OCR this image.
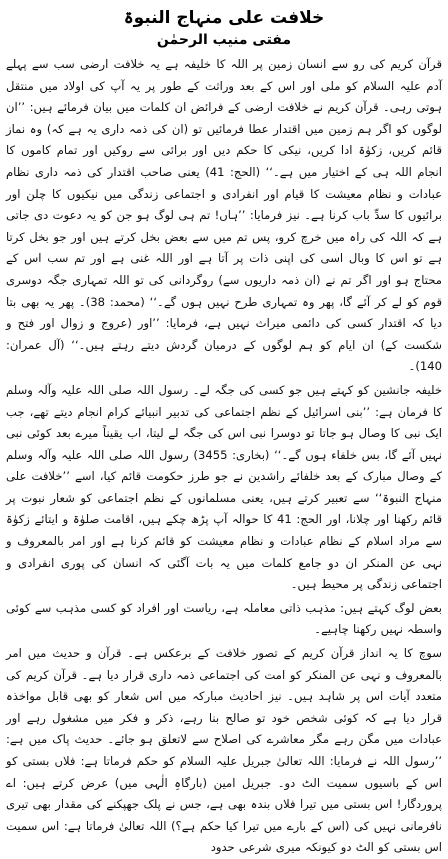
خلافت علی منہاج النبوۃ
مفتی منیب الرحمٰن

قرآن کریم کی رو سے انسان زمین پر اللہ کا خلیفہ ہے یہ خلافت ارضی سب سے پہلے آدم علیہ السلام کو ملی اور اس کے بعد وراثت کے طور پر یہ آپ کی اولاد میں منتقل ہوتی رہی۔ قرآن کریم نے خلافت ارضی کے فرائض ان کلمات میں بیان فرمائے ہیں: ’’ان لوگوں کو اگر ہم زمین میں اقتدار عطا فرمائیں تو (ان کی ذمہ داری یہ ہے کہ) وہ نماز قائم کریں، زکوٰۃ ادا کریں، نیکی کا حکم دیں اور برائی سے روکیں اور تمام کاموں کا انجام اللہ ہی کے اختیار میں ہے۔‘‘ (الحج: 41) یعنی صاحب اقتدار کی ذمہ داری نظام عبادات و نظام معیشت کا قیام اور انفرادی و اجتماعی زندگی میں نیکیوں کا چلن اور برائیوں کا سدِّ باب کرنا ہے۔ نیز فرمایا: ’’ہاں! تم ہی لوگ ہو جن کو یہ دعوت دی جاتی ہے کہ اللہ کی راہ میں خرچ کرو، پس تم میں سے بعض بخل کرتے ہیں اور جو بخل کرتا ہے تو اس کا وبال اسی کی اپنی ذات پر آتا ہے اور اللہ غنی ہے اور تم سب اس کے محتاج ہو اور اگر تم نے (ان ذمہ داریوں سے) روگردانی کی تو اللہ تمہاری جگہ دوسری قوم کو لے کر آئے گا، پھر وہ تمہاری طرح نہیں ہوں گے۔‘‘ (محمد: 38)۔ پھر یہ بھی بتا دیا کہ اقتدار کسی کی دائمی میراث نہیں ہے، فرمایا: ’’اور (عروج و زوال اور فتح و شکست کے) ان ایام کو ہم لوگوں کے درمیان گردش دیتے رہتے ہیں۔‘‘ (آل عمران: 140)۔

خلیفہ جانشین کو کہتے ہیں جو کسی کی جگہ لے۔ رسول اللہ صلی اللہ علیہ وآلہ وسلم کا فرمان ہے: ’’بنی اسرائیل کے نظم اجتماعی کی تدبیر انبیائے کرام انجام دیتے تھے، جب ایک نبی کا وصال ہو جاتا تو دوسرا نبی اس کی جگہ لے لیتا، اب یقیناً میرے بعد کوئی نبی نہیں آئے گا، بس خلفاء ہوں گے۔‘‘ (بخاری: 3455) رسول اللہ صلی اللہ علیہ وآلہ وسلم کے وصال مبارک کے بعد خلفائے راشدین نے جو طرز حکومت قائم کیا، اسے ’’خلافت علی منہاج النبوۃ‘‘ سے تعبیر کرتے ہیں، یعنی مسلمانوں کے نظم اجتماعی کو شعار نبوت پر قائم رکھنا اور چلانا، اور الحج: 41 کا حوالہ آپ پڑھ چکے ہیں، اقامت صلوٰۃ و ایتائے زکوٰۃ سے مراد اسلام کے نظام عبادات و نظام معیشت کو قائم کرنا ہے اور امر بالمعروف و نہی عن المنکر ان دو جامع کلمات میں یہ بات آگئی کہ انسان کی پوری انفرادی و اجتماعی زندگی پر محیط ہیں۔

بعض لوگ کہتے ہیں: مذہب ذاتی معاملہ ہے، ریاست اور افراد کو کسی مذہب سے کوئی واسطہ نہیں رکھنا چاہیے۔

سوچ کا یہ انداز قرآن کریم کے تصور خلافت کے برعکس ہے۔ قرآن و حدیث میں امر بالمعروف و نہی عن المنکر کو امت کی اجتماعی ذمہ داری قرار دیا ہے۔ قرآن کریم کی متعدد آیات اس پر شاہد ہیں۔ نیز احادیث مبارکہ میں اس شعار کو بھی قابل مواخذہ قرار دیا ہے کہ کوئی شخص خود تو صالح بنا رہے، ذکر و فکر میں مشغول رہے اور عبادات میں مگن رہے مگر معاشرے کی اصلاح سے لاتعلق ہو جائے۔ حدیث پاک میں ہے: ’’رسول اللہ نے فرمایا: اللہ تعالیٰ جبریل علیہ السلام کو حکم فرماتا ہے: فلاں بستی کو اس کے باسیوں سمیت الٹ دو۔ جبریل امین (بارگاہِ الٰہی میں) عرض کرتے ہیں: اے پروردگار! اس بستی میں تیرا فلاں بندہ بھی ہے، جس نے پلک جھپکنے کی مقدار بھی تیری نافرمانی نہیں کی (اس کے بارے میں تیرا کیا حکم ہے؟) اللہ تعالیٰ فرماتا ہے: اس سمیت اس بستی کو الٹ دو کیونکہ میری شرعی حدود
